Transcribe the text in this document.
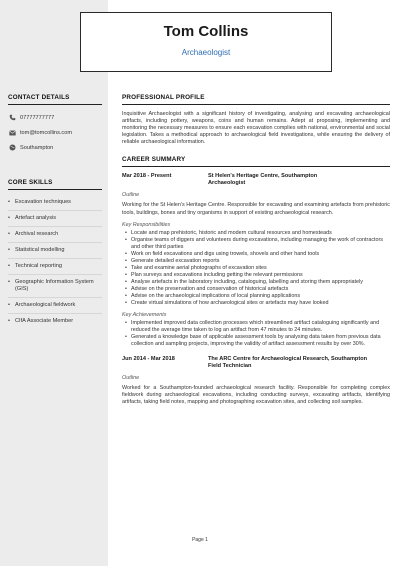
Tom Collins
Archaeologist
CONTACT DETAILS
07777777777
tom@tomcollins.com
Southampton
CORE SKILLS
• Excavation techniques
• Artefact analysis
• Archival research
• Statistical modelling
• Technical reporting
• Geographic Information System (GIS)
• Archaeological fieldwork
• CIfA Associate Member
PROFESSIONAL PROFILE
Inquisitive Archaeologist with a significant history of investigating, analysing and excavating archaeological artifacts, including pottery, weapons, coins and human remains. Adept at proposing, implementing and monitoring the necessary measures to ensure each excavation complies with national, environmental and social legislation. Takes a methodical approach to archaeological field investigations, while ensuring the delivery of reliable archaeological information.
CAREER SUMMARY
Mar 2018 - Present	St Helen's Heritage Centre, Southampton
Archaeologist
Outline
Working for the St Helen's Heritage Centre. Responsible for excavating and examining artefacts from prehistoric tools, buildings, bones and tiny organisms in support of existing archaeological research.
Key Responsibilities
• Locate and map prehistoric, historic and modern cultural resources and homesteads
• Organise teams of diggers and volunteers during excavations, including managing the work of contractors and other third parties
• Work on field excavations and digs using trowels, shovels and other hand tools
• Generate detailed excavation reports
• Take and examine aerial photographs of excavation sites
• Plan surveys and excavations including getting the relevant permissions
• Analyse artefacts in the laboratory including, cataloguing, labelling and storing them appropriately
• Advise on the preservation and conservation of historical artefacts
• Advise on the archaeological implications of local planning applications
• Create virtual simulations of how archaeological sites or artefacts may have looked
Key Achievements
• Implemented improved data collection processes which streamlined artifact cataloguing significantly and reduced the average time taken to log an artifact from 47 minutes to 24 minutes.
• Generated a knowledge base of applicable assessment tools by analysing data taken from previous data collection and sampling projects, improving the validity of artifact assessment results by over 30%.
Jun 2014 - Mar 2018	The ARC Centre for Archaeological Research, Southampton
Field Technician
Outline
Worked for a Southampton-founded archaeological research facility. Responsible for completing complex fieldwork during archaeological excavations, including conducting surveys, excavating artifacts, identifying artifacts, taking field notes, mapping and photographing excavation sites, and collecting soil samples.
Page 1
